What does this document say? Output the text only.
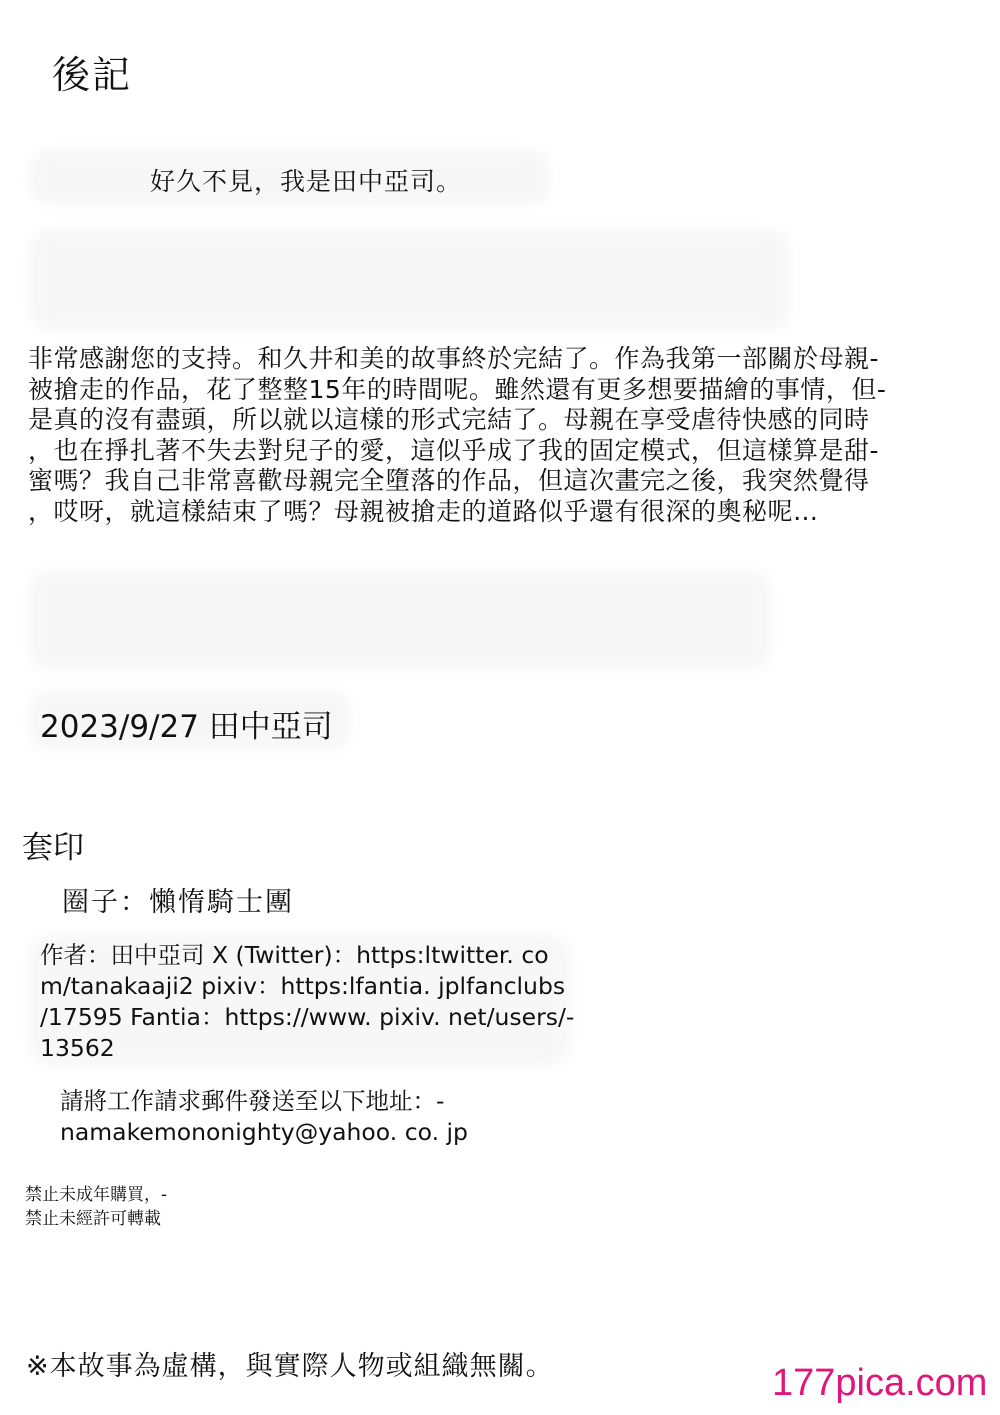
後記
好久不見，我是田中亞司。
非常感謝您的支持。和久井和美的故事終於完結了。作為我第一部關於母親-
被搶走的作品，花了整整15年的時間呢。雖然還有更多想要描繪的事情，但-
是真的沒有盡頭，所以就以這樣的形式完結了。母親在享受虐待快感的同時
，也在掙扎著不失去對兒子的愛，這似乎成了我的固定模式，但這樣算是甜-
蜜嗎？我自己非常喜歡母親完全墮落的作品，但這次畫完之後，我突然覺得
，哎呀，就這樣結束了嗎？母親被搶走的道路似乎還有很深的奧秘呢…
2023/9/27 田中亞司
套印
圈子：懶惰騎士團
作者：田中亞司 X (Twitter)：https:ltwitter. co
m/tanakaaji2 pixiv：https:lfantia. jplfanclubs
/17595 Fantia：https://www. pixiv. net/users/-
13562
請將工作請求郵件發送至以下地址：-
namakemononighty@yahoo. co. jp
禁止未成年購買，-
禁止未經許可轉載
※本故事為虛構，與實際人物或組織無關。	177pica.com
